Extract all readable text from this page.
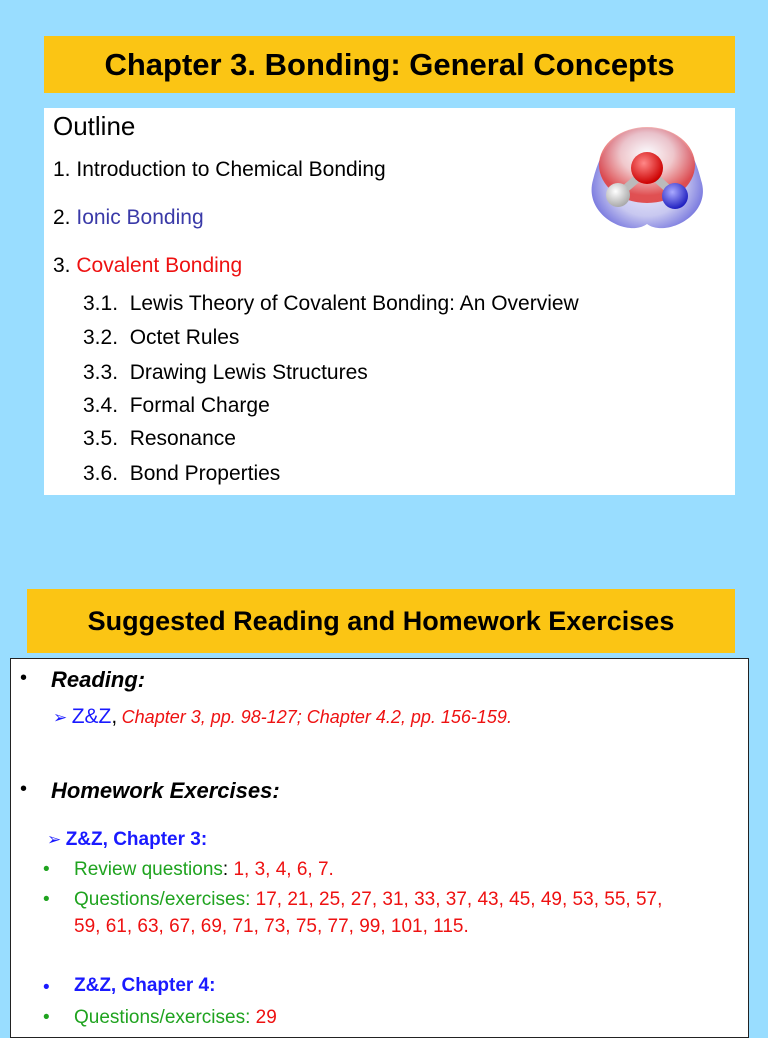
Chapter 3. Bonding: General Concepts
Outline
1. Introduction to Chemical Bonding
2. Ionic Bonding
3. Covalent Bonding
3.1. Lewis Theory of Covalent Bonding: An Overview
3.2. Octet Rules
3.3. Drawing Lewis Structures
3.4. Formal Charge
3.5. Resonance
3.6. Bond Properties
Suggested Reading and Homework Exercises
• Reading:
➢ Z&Z, Chapter 3, pp. 98-127; Chapter 4.2, pp. 156-159.
• Homework Exercises:
➢ Z&Z, Chapter 3:
• Review questions: 1, 3, 4, 6, 7.
• Questions/exercises: 17, 21, 25, 27, 31, 33, 37, 43, 45, 49, 53, 55, 57,
59, 61, 63, 67, 69, 71, 73, 75, 77, 99, 101, 115.
• Z&Z, Chapter 4:
• Questions/exercises: 29
